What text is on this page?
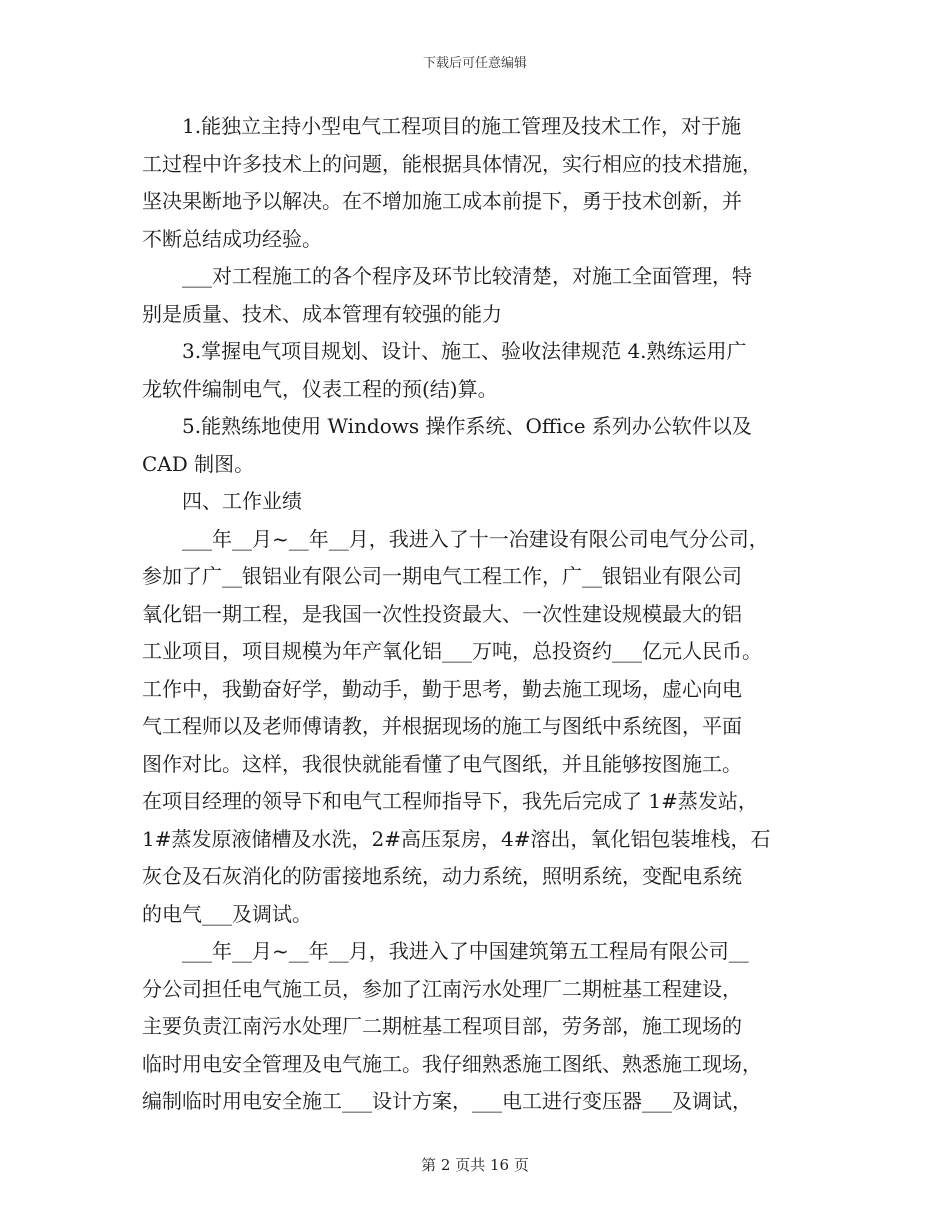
下载后可任意编辑
1.能独立主持小型电气工程项目的施工管理及技术工作，对于施
工过程中许多技术上的问题，能根据具体情况，实行相应的技术措施，
坚决果断地予以解决。在不增加施工成本前提下，勇于技术创新，并
不断总结成功经验。
___对工程施工的各个程序及环节比较清楚，对施工全面管理，特
别是质量、技术、成本管理有较强的能力
3.掌握电气项目规划、设计、施工、验收法律规范 4.熟练运用广
龙软件编制电气，仪表工程的预(结)算。
5.能熟练地使用 Windows 操作系统、Office 系列办公软件以及
CAD 制图。
四、工作业绩
___年__月~__年__月，我进入了十一冶建设有限公司电气分公司，
参加了广__银铝业有限公司一期电气工程工作，广__银铝业有限公司
氧化铝一期工程，是我国一次性投资最大、一次性建设规模最大的铝
工业项目，项目规模为年产氧化铝___万吨，总投资约___亿元人民币。
工作中，我勤奋好学，勤动手，勤于思考，勤去施工现场，虚心向电
气工程师以及老师傅请教，并根据现场的施工与图纸中系统图，平面
图作对比。这样，我很快就能看懂了电气图纸，并且能够按图施工。
在项目经理的领导下和电气工程师指导下，我先后完成了 1#蒸发站，
1#蒸发原液储槽及水洗，2#高压泵房，4#溶出，氧化铝包装堆栈，石
灰仓及石灰消化的防雷接地系统，动力系统，照明系统，变配电系统
的电气___及调试。
___年__月~__年__月，我进入了中国建筑第五工程局有限公司__
分公司担任电气施工员，参加了江南污水处理厂二期桩基工程建设，
主要负责江南污水处理厂二期桩基工程项目部，劳务部，施工现场的
临时用电安全管理及电气施工。我仔细熟悉施工图纸、熟悉施工现场，
编制临时用电安全施工___设计方案，___电工进行变压器___及调试，
第 2 页共 16 页
